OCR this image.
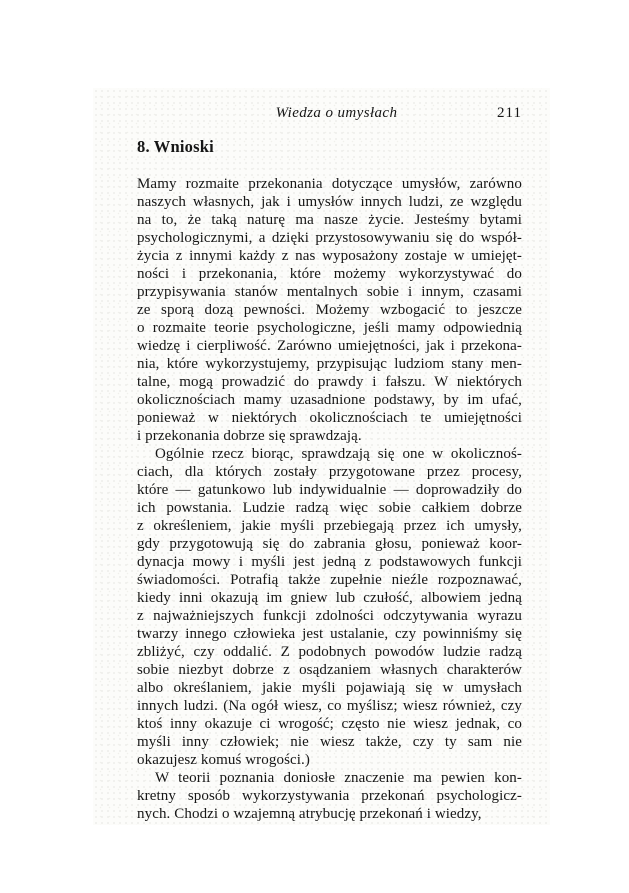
Wiedza o umysłach	211
8. Wnioski
Mamy rozmaite przekonania dotyczące umysłów, zarówno
naszych własnych, jak i umysłów innych ludzi, ze względu
na to, że taką naturę ma nasze życie. Jesteśmy bytami
psychologicznymi, a dzięki przystosowywaniu się do współ-
życia z innymi każdy z nas wyposażony zostaje w umiejęt-
ności i przekonania, które możemy wykorzystywać do
przypisywania stanów mentalnych sobie i innym, czasami
ze sporą dozą pewności. Możemy wzbogacić to jeszcze
o rozmaite teorie psychologiczne, jeśli mamy odpowiednią
wiedzę i cierpliwość. Zarówno umiejętności, jak i przekona-
nia, które wykorzystujemy, przypisując ludziom stany men-
talne, mogą prowadzić do prawdy i fałszu. W niektórych
okolicznościach mamy uzasadnione podstawy, by im ufać,
ponieważ w niektórych okolicznościach te umiejętności
i przekonania dobrze się sprawdzają.
Ogólnie rzecz biorąc, sprawdzają się one w okolicznoś-
ciach, dla których zostały przygotowane przez procesy,
które — gatunkowo lub indywidualnie — doprowadziły do
ich powstania. Ludzie radzą więc sobie całkiem dobrze
z określeniem, jakie myśli przebiegają przez ich umysły,
gdy przygotowują się do zabrania głosu, ponieważ koor-
dynacja mowy i myśli jest jedną z podstawowych funkcji
świadomości. Potrafią także zupełnie nieźle rozpoznawać,
kiedy inni okazują im gniew lub czułość, albowiem jedną
z najważniejszych funkcji zdolności odczytywania wyrazu
twarzy innego człowieka jest ustalanie, czy powinniśmy się
zbliżyć, czy oddalić. Z podobnych powodów ludzie radzą
sobie niezbyt dobrze z osądzaniem własnych charakterów
albo określaniem, jakie myśli pojawiają się w umysłach
innych ludzi. (Na ogół wiesz, co myślisz; wiesz również, czy
ktoś inny okazuje ci wrogość; często nie wiesz jednak, co
myśli inny człowiek; nie wiesz także, czy ty sam nie
okazujesz komuś wrogości.)
W teorii poznania doniosłe znaczenie ma pewien kon-
kretny sposób wykorzystywania przekonań psychologicz-
nych. Chodzi o wzajemną atrybucję przekonań i wiedzy,
